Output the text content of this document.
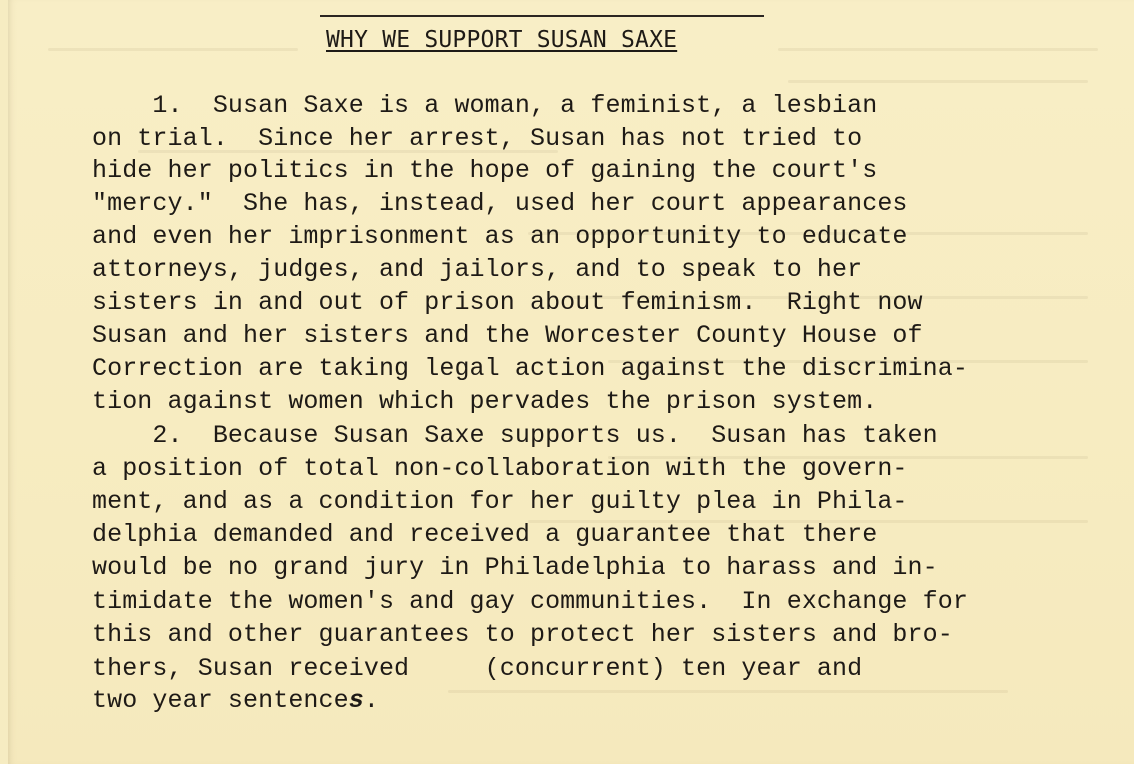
WHY WE SUPPORT SUSAN SAXE
1.  Susan Saxe is a woman, a feminist, a lesbian
on trial.  Since her arrest, Susan has not tried to
hide her politics in the hope of gaining the court's
"mercy."  She has, instead, used her court appearances
and even her imprisonment as an opportunity to educate
attorneys, judges, and jailors, and to speak to her
sisters in and out of prison about feminism.  Right now
Susan and her sisters and the Worcester County House of
Correction are taking legal action against the discrimina-
tion against women which pervades the prison system.
2.  Because Susan Saxe supports us.  Susan has taken
a position of total non-collaboration with the govern-
ment, and as a condition for her guilty plea in Phila-
delphia demanded and received a guarantee that there
would be no grand jury in Philadelphia to harass and in-
timidate the women's and gay communities.  In exchange for
this and other guarantees to protect her sisters and bro-
thers, Susan received     (concurrent) ten year and
two year sentences.
